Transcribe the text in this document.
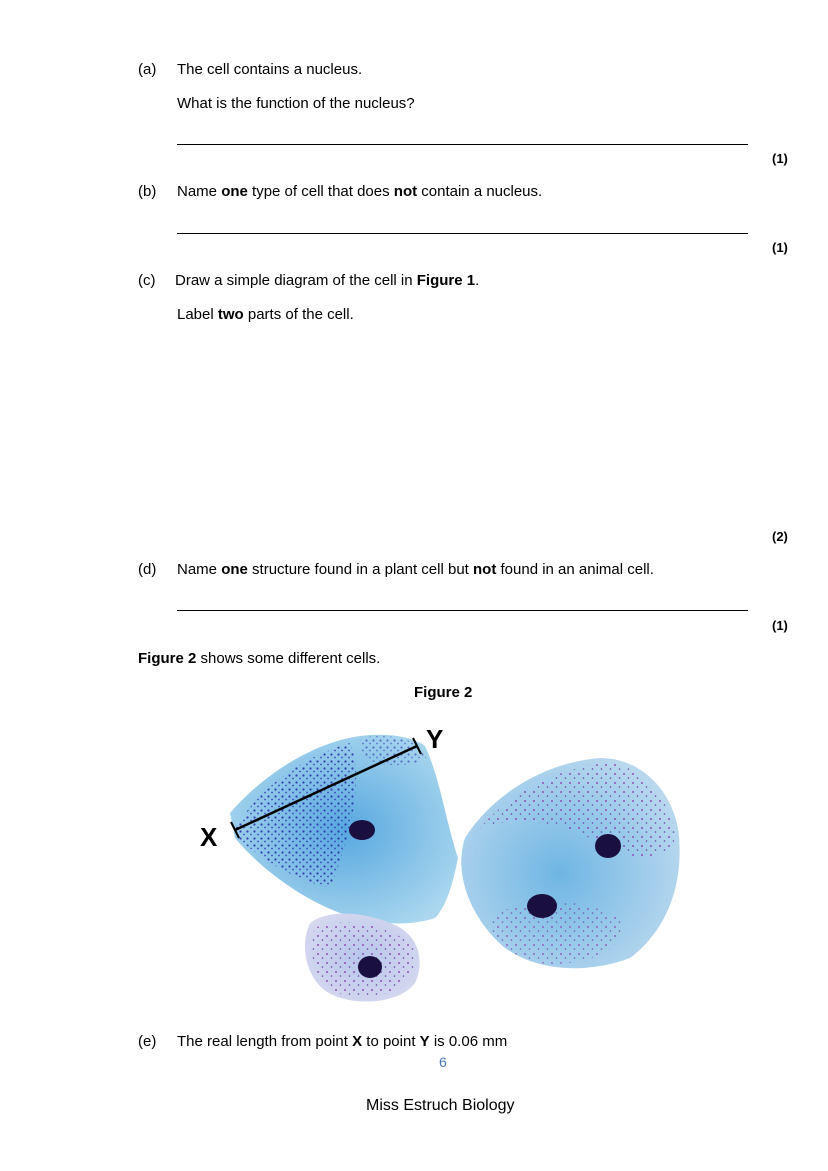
(a) The cell contains a nucleus.
What is the function of the nucleus?
(1)
(b) Name one type of cell that does not contain a nucleus.
(1)
(c) Draw a simple diagram of the cell in Figure 1.
Label two parts of the cell.
(2)
(d) Name one structure found in a plant cell but not found in an animal cell.
(1)
Figure 2 shows some different cells.
Figure 2
X
Y
(e) The real length from point X to point Y is 0.06 mm
6
Miss Estruch Biology
